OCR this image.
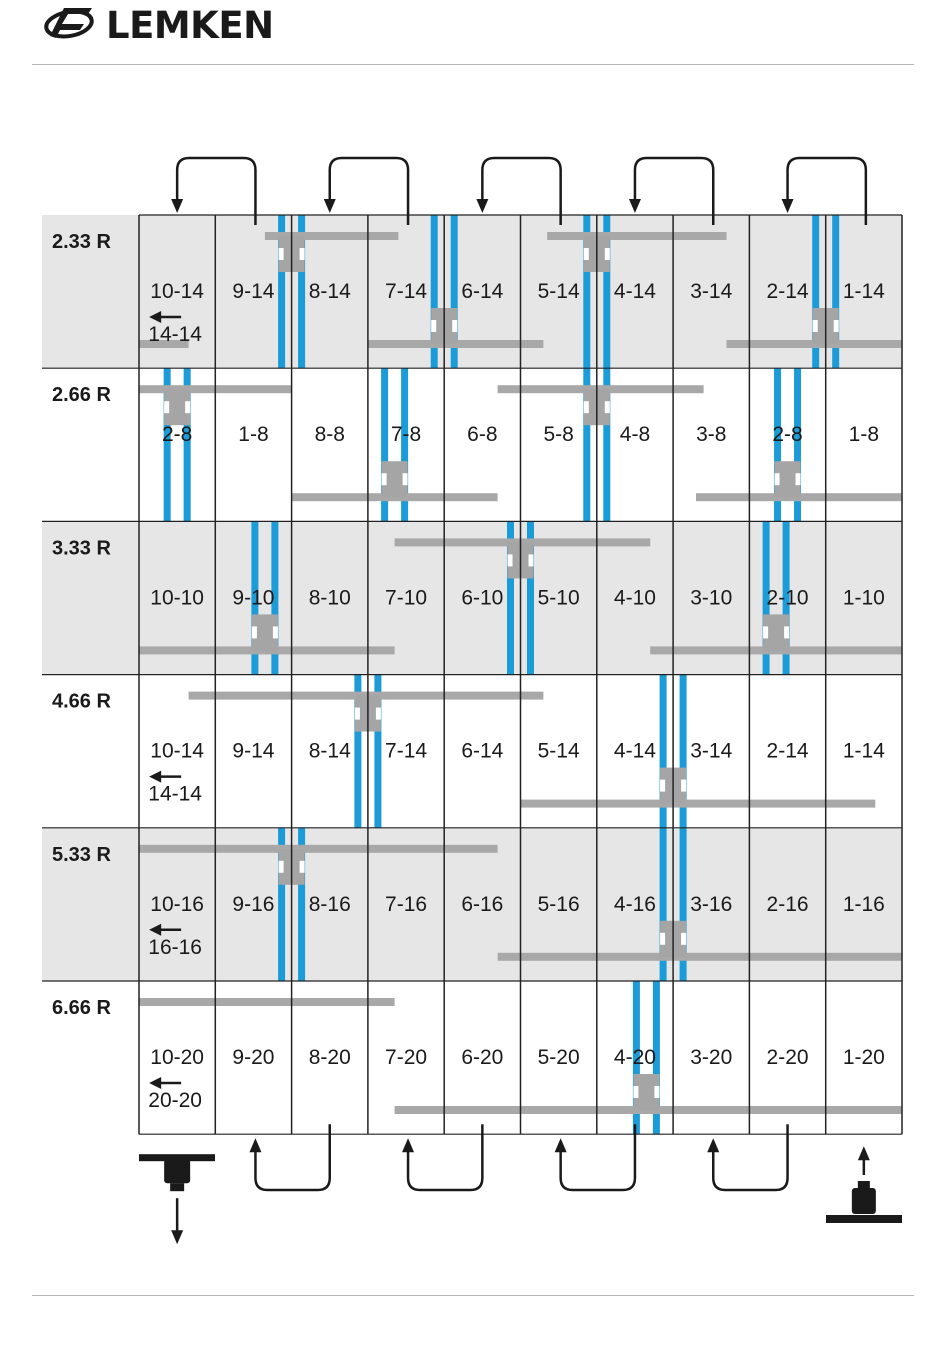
LEMKEN
2.33 R
10-14 9-14 8-14 7-14 6-14 5-14 4-14 3-14 2-14 1-14
14-14
2.66 R
2-8 1-8 8-8 7-8 6-8 5-8 4-8 3-8 2-8 1-8
3.33 R
10-10 9-10 8-10 7-10 6-10 5-10 4-10 3-10 2-10 1-10
4.66 R
10-14 9-14 8-14 7-14 6-14 5-14 4-14 3-14 2-14 1-14
14-14
5.33 R
10-16 9-16 8-16 7-16 6-16 5-16 4-16 3-16 2-16 1-16
16-16
6.66 R
10-20 9-20 8-20 7-20 6-20 5-20 4-20 3-20 2-20 1-20
20-20
